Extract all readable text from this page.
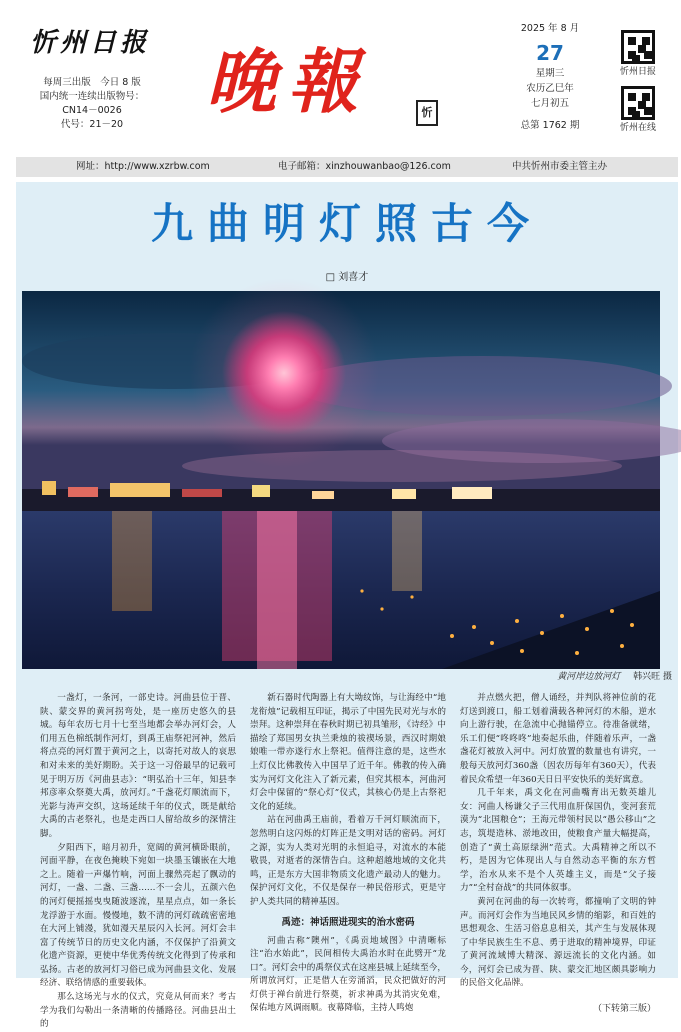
忻州日报
每周三出版　今日 8 版
国内统一连续出版物号：
CN14－0026
代号：21－20
晚報	忻
2025 年 8 月
27
星期三
农历乙巳年
七月初五
总第 1762 期
忻州日报
忻州在线
网址：http://www.xzrbw.com	电子邮箱：xinzhouwanbao@126.com	中共忻州市委主管主办
九曲明灯照古今
□ 刘喜才
黄河岸边放河灯 韩兴旺 摄

一盏灯，一条河，一部史诗。河曲县位于晋、陕、蒙交界的黄河拐弯处，是一座历史悠久的县城。每年农历七月十七至当地都会举办河灯会，人们用五色棉纸制作河灯，到禹王庙祭祀河神，然后将点亮的河灯置于黄河之上，以寄托对故人的哀思和对未来的美好期盼。关于这一习俗最早的记载可见于明万历《河曲县志》：“明弘治十三年，知县李邦彦率众祭奠大禹，放河灯。”千盏花灯顺流而下，光影与涛声交织，这场延续千年的仪式，既是献给大禹的古老祭礼，也是走西口人留给故乡的深情注脚。

夕阳西下，暗月初升，宽阔的黄河横卧眼前，河面平静，在夜色掩映下宛如一块墨玉镶嵌在大地之上。随着一声爆竹响，河面上骤然亮起了飘动的河灯，一盏、二盏、三盏……不一会儿，五颜六色的河灯便摇摇曳曳随波逐流，星星点点，如一条长龙浮游于水面。慢慢地，数不清的河灯疏疏密密地在大河上铺漫，犹如漫天星辰闪入长河。河灯会丰富了传统节日的历史文化内涵，不仅保护了沿黄文化遗产资源，更使中华优秀传统文化得到了传承和弘扬。古老的放河灯习俗已成为河曲县文化、发展经济、联络情感的重要载体。

那么这场光与水的仪式，究竟从何而来？考古学为我们勾勒出一条清晰的传播路径。河曲县出土的

新石器时代陶器上有大坳纹饰，与让海经中“地龙衔烛”记载相互印证，揭示了中国先民对光与水的崇拜。这种崇拜在春秋时期已初具雏形，《诗经》中描绘了郑国男女执兰秉烛的祓禊场景，西汉时期娘娘唯一带亦遂行水上祭祀。值得注意的是，这些水上灯仪比佛教传入中国早了近千年。佛教的传入确实为河灯文化注入了新元素，但究其根本，河曲河灯会中保留的“祭心灯”仪式，其核心仍是上古祭祀文化的延续。

站在河曲禹王庙前，看着万千河灯顺流而下，忽然明白这闪烁的灯阵正是文明对话的密码。河灯之源，实为人类对光明的永恒追寻，对流水的本能敬畏，对逝者的深情告白。这种超越地域的文化共鸣，正是东方大国非物质文化遗产最动人的魅力。保护河灯文化，不仅是保存一种民俗形式，更是守护人类共同的精神基因。

禹迹：神话照进现实的治水密码

河曲古称“隩州”，《禹贡地域图》中清晰标注“治水始此”，民间相传大禹治水时在此劈开“龙口”。河灯会中的禹祭仪式在这座县城上延续至今，所谓放河灯，正是借人在旁涌滔，民众把做好的河灯供于禅台前进行祭奠，祈求神禹为其消灾免难，保佑地方风调雨顺。夜幕降临，主持人鸣炮

并点燃火把，僧人诵经，并判队将神位前的花灯送到渡口，船工划着满载各种河灯的木船，逆水向上游行驶，在急流中心抛锚停立。待准备就绪，乐工们便“咚咚咚”地奏起乐曲，伴随着乐声，一盏盏花灯被放入河中。河灯放置的数量也有讲究，一般每天放河灯360盏（因农历每年有360天），代表着民众希望一年360天日日平安快乐的美好寓意。

几千年来，禹文化在河曲嘴育出无数英雄儿女：河曲人杨谦父子三代用血肝保国仇，变河套荒漠为“北国粮仓”；王海元带领村民以“愚公移山”之志，筑堤造林、淤地改田，使粮食产量大幅提高，创造了“黄土高原绿洲”范式。大禹精神之所以不朽，是因为它体现出人与自然动态平衡的东方哲学，治水从来不是个人英雄主义，而是“父子接力”“全村奋战”的共同体叙事。

黄河在河曲的每一次转弯，都撞响了文明的钟声。而河灯会作为当地民风乡情的缩影，和百姓的思想观念、生活习俗息息相关，其产生与发展体现了中华民族生生不息、勇于进取的精神境界，印证了黄河流域博大精深、源远流长的文化内涵。如今，河灯会已成为晋、陕、蒙交汇地区颇具影响力的民俗文化品牌。

（下转第三版）
